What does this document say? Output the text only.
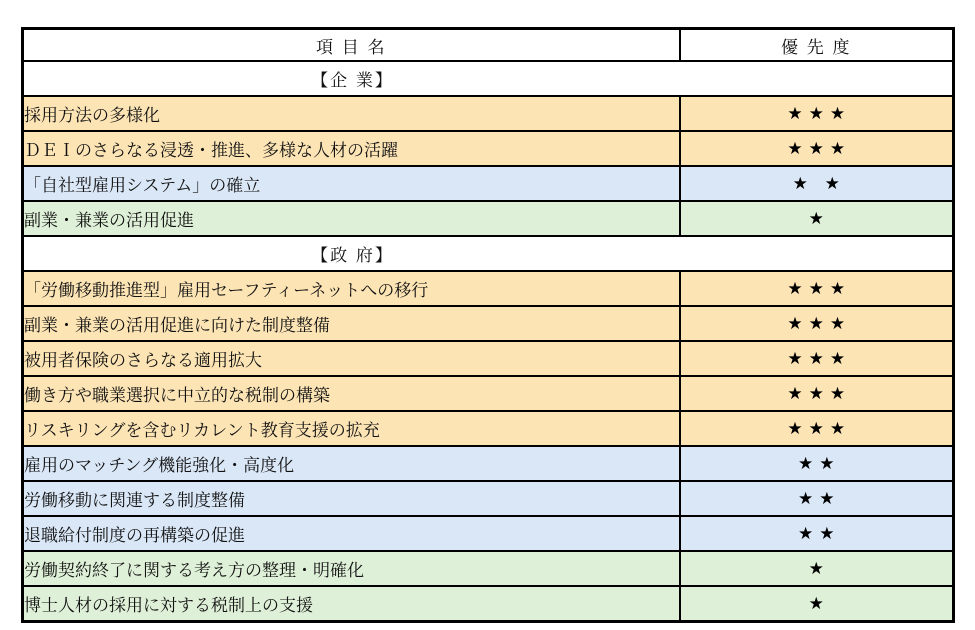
項 目 名	優 先 度

【企 業】	

採用方法の多様化	★★★
ＤＥＩのさらなる浸透・推進、多様な人材の活躍	★★★
「自社型雇用システム」の確立	★ ★
副業・兼業の活用促進	★

【政 府】	

「労働移動推進型」雇用セーフティーネットへの移行	★★★
副業・兼業の活用促進に向けた制度整備	★★★
被用者保険のさらなる適用拡大	★★★
働き方や職業選択に中立的な税制の構築	★★★
リスキリングを含むリカレント教育支援の拡充	★★★
雇用のマッチング機能強化・高度化	★★
労働移動に関連する制度整備	★★
退職給付制度の再構築の促進	★★
労働契約終了に関する考え方の整理・明確化	★
博士人材の採用に対する税制上の支援	★
